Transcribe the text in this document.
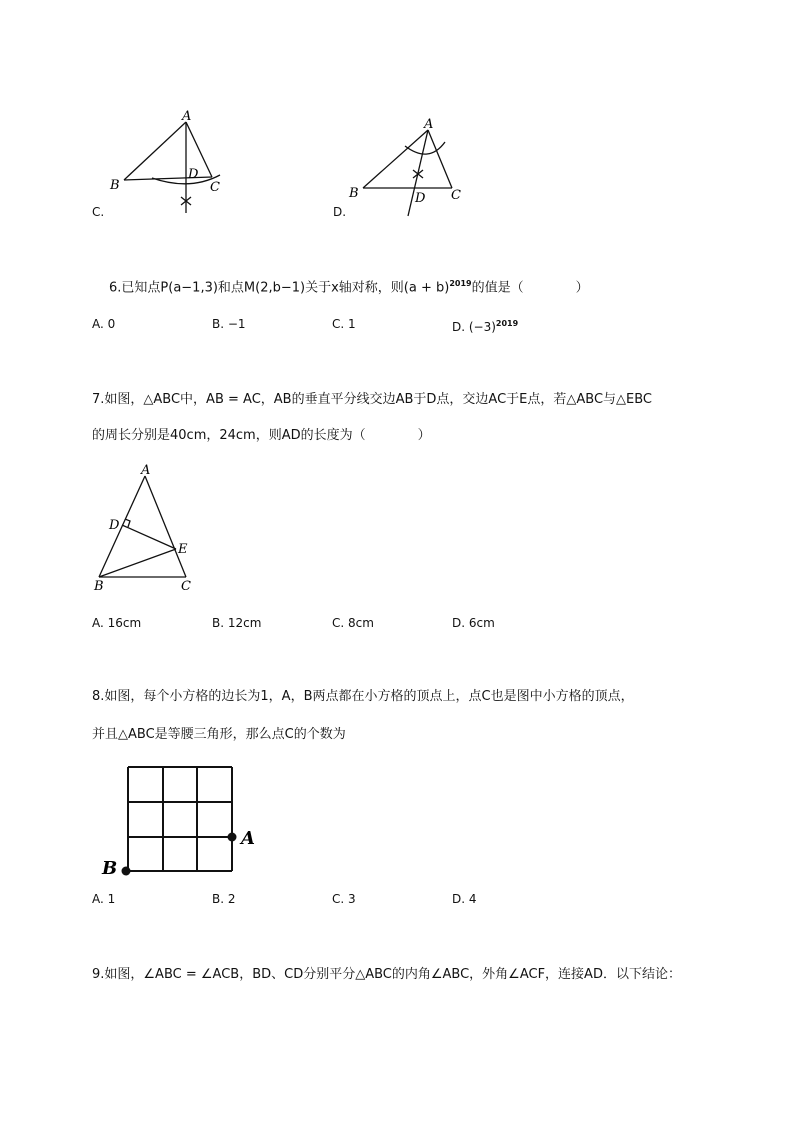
A
B	C
D
C.
A
B	C
D
D.
6.已知点P(a−1,3)和点M(2,b−1)关于x轴对称，则$(a + b)^{2019}$的值是（　　　　）
A. 0	B. −1	C. 1	D. $(-3)^{2019}$
7.如图，△ABC中，AB = AC，AB的垂直平分线交边AB于D点，交边AC于E点，若△ABC与△EBC
的周长分别是40cm，24cm，则AD的长度为（　　　　）
A
B	C
D
E
A. 16cm	B. 12cm	C. 8cm	D. 6cm
8.如图，每个小方格的边长为1，A，B两点都在小方格的顶点上，点C也是图中小方格的顶点，
并且△ABC是等腰三角形，那么点C的个数为
A
B
A. 1	B. 2	C. 3	D. 4
9.如图，∠ABC = ∠ACB，BD、CD分别平分△ABC的内角∠ABC，外角∠ACF，连接AD．以下结论：
